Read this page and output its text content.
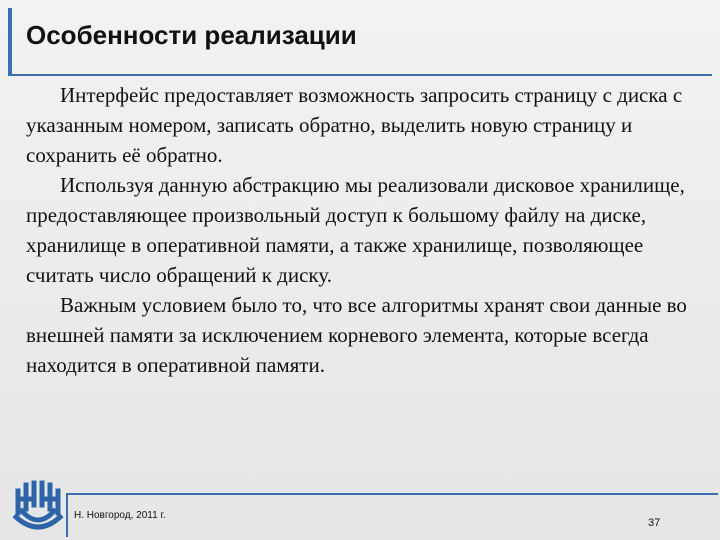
Особенности реализации

Интерфейс предоставляет возможность запросить страницу с диска с указанным номером, записать обратно, выделить новую страницу и сохранить её обратно.

Используя данную абстракцию мы реализовали дисковое хранилище, предоставляющее произвольный доступ к большому файлу на диске, хранилище в оперативной памяти, а также хранилище, позволяющее считать число обращений к диску.

Важным условием было то, что все алгоритмы хранят свои данные во внешней памяти за исключением корневого элемента, которые всегда находится в оперативной памяти.

Н. Новгород, 2011 г.
37
